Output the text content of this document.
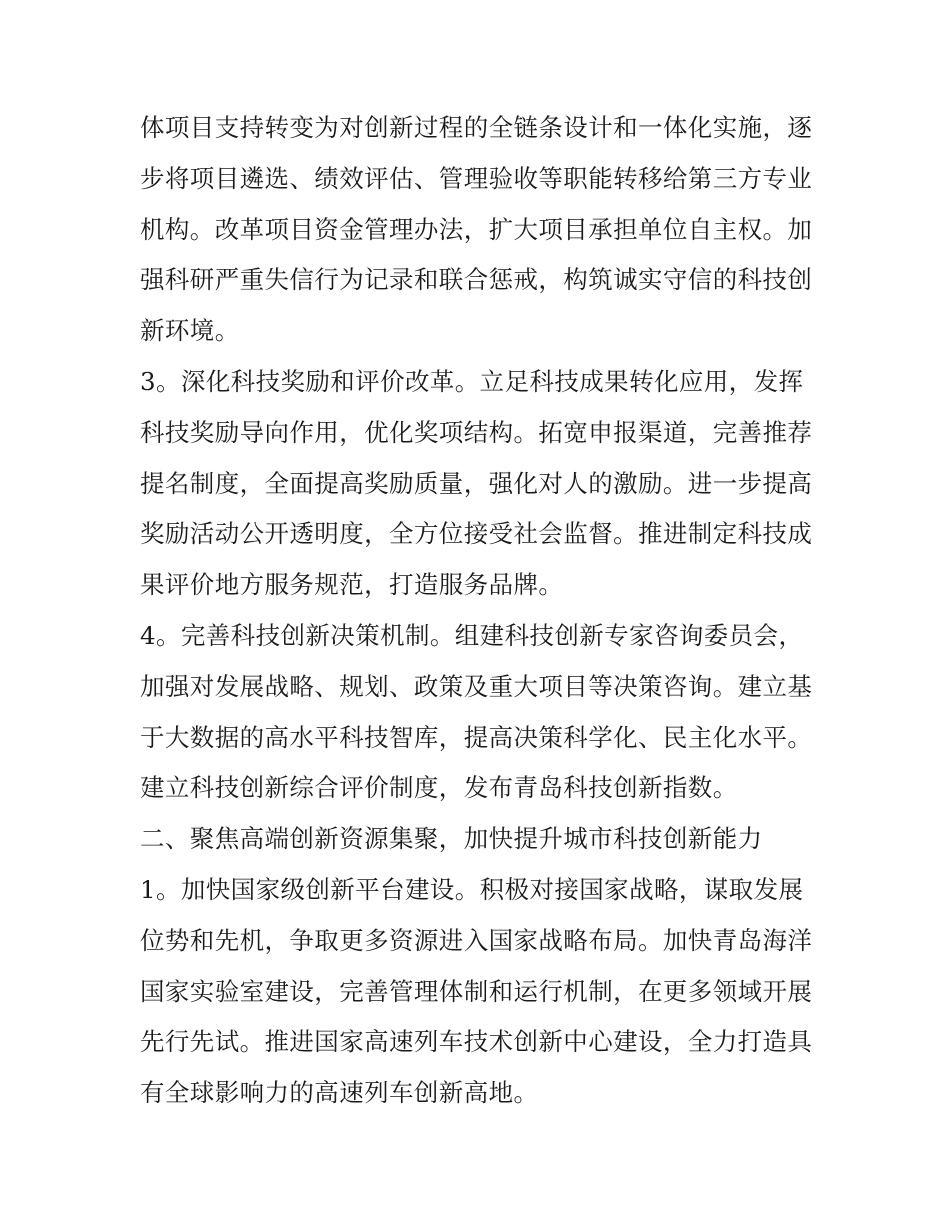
体项目支持转变为对创新过程的全链条设计和一体化实施，逐
步将项目遴选、绩效评估、管理验收等职能转移给第三方专业
机构。改革项目资金管理办法，扩大项目承担单位自主权。加
强科研严重失信行为记录和联合惩戒，构筑诚实守信的科技创
新环境。
3。深化科技奖励和评价改革。立足科技成果转化应用，发挥
科技奖励导向作用，优化奖项结构。拓宽申报渠道，完善推荐
提名制度，全面提高奖励质量，强化对人的激励。进一步提高
奖励活动公开透明度，全方位接受社会监督。推进制定科技成
果评价地方服务规范，打造服务品牌。
4。完善科技创新决策机制。组建科技创新专家咨询委员会，
加强对发展战略、规划、政策及重大项目等决策咨询。建立基
于大数据的高水平科技智库，提高决策科学化、民主化水平。
建立科技创新综合评价制度，发布青岛科技创新指数。
二、聚焦高端创新资源集聚，加快提升城市科技创新能力
1。加快国家级创新平台建设。积极对接国家战略，谋取发展
位势和先机，争取更多资源进入国家战略布局。加快青岛海洋
国家实验室建设，完善管理体制和运行机制，在更多领域开展
先行先试。推进国家高速列车技术创新中心建设，全力打造具
有全球影响力的高速列车创新高地。
